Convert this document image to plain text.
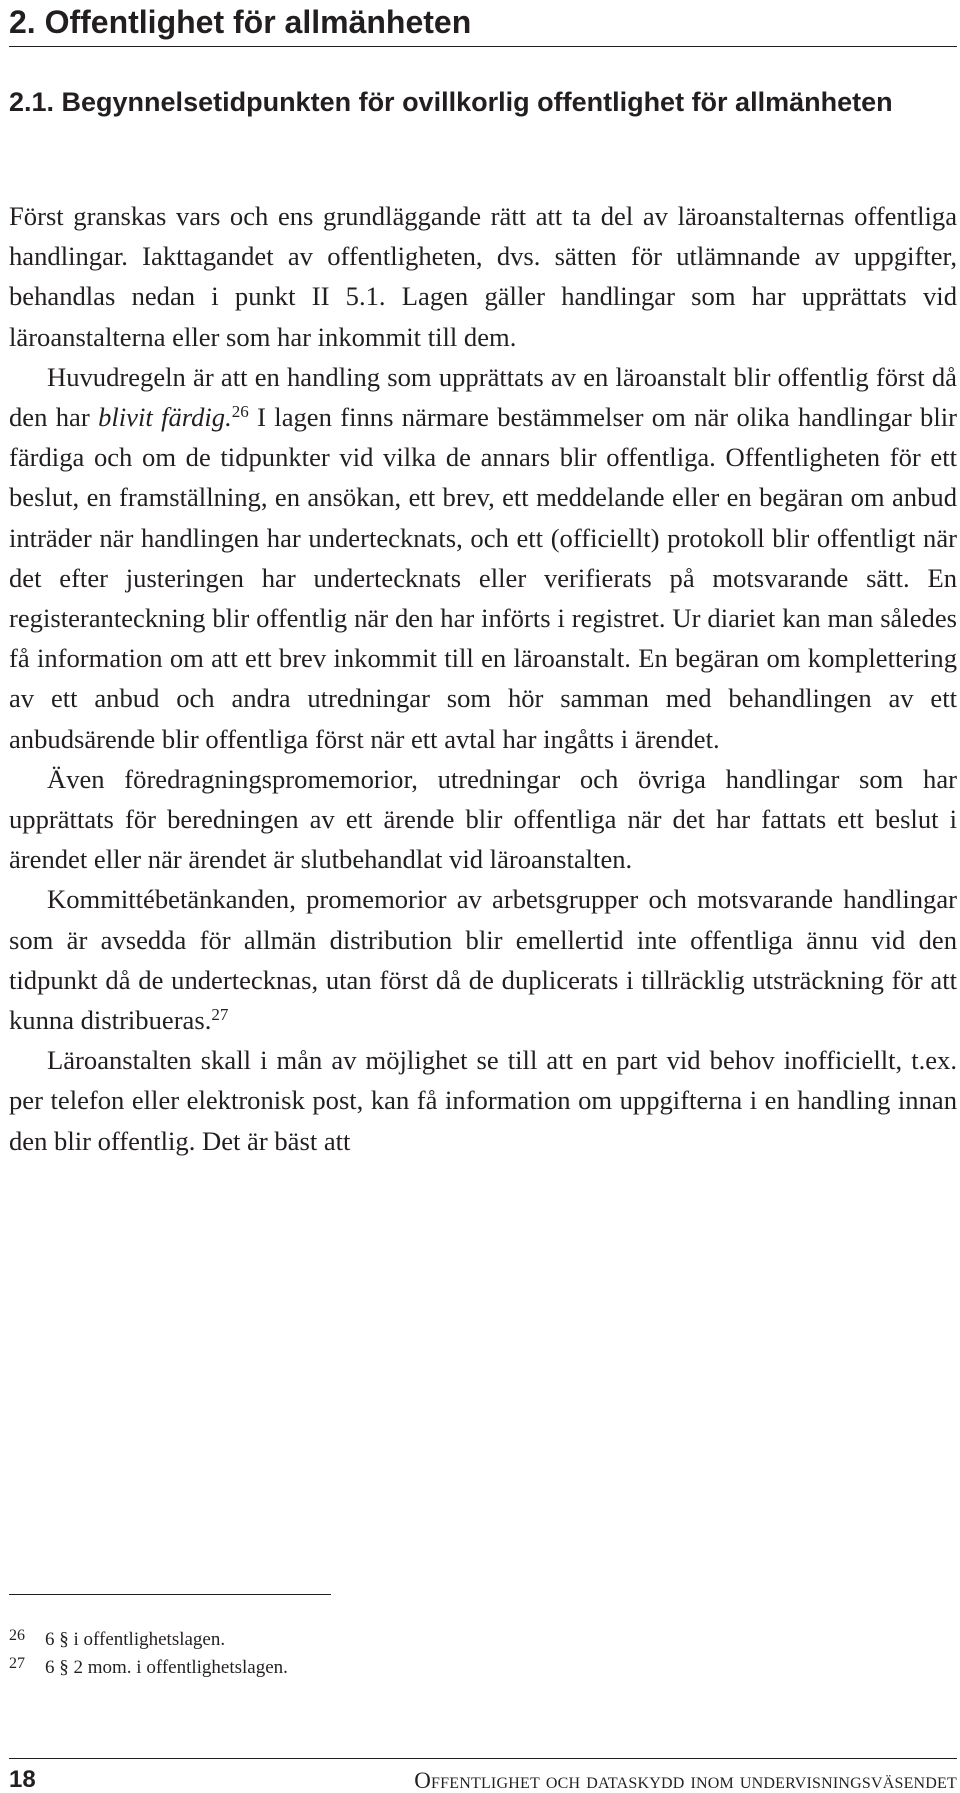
2. Offentlighet för allmänheten
2.1. Begynnelsetidpunkten för ovillkorlig offentlighet för allmänheten

Först granskas vars och ens grundläggande rätt att ta del av läroanstalternas offentliga handlingar. Iakttagandet av offentligheten, dvs. sätten för utlämnande av uppgifter, behandlas nedan i punkt II 5.1. Lagen gäller handlingar som har upprättats vid läroanstalterna eller som har inkommit till dem.

Huvudregeln är att en handling som upprättats av en läroanstalt blir offentlig först då den har blivit färdig.$^{26}$ I lagen finns närmare bestämmelser om när olika handlingar blir färdiga och om de tidpunkter vid vilka de annars blir offentliga. Offentligheten för ett beslut, en framställning, en ansökan, ett brev, ett meddelande eller en begäran om anbud inträder när handlingen har undertecknats, och ett (officiellt) protokoll blir offentligt när det efter justeringen har undertecknats eller verifierats på motsvarande sätt. En registeranteckning blir offentlig när den har införts i registret. Ur diariet kan man således få information om att ett brev inkommit till en läroanstalt. En begäran om komplettering av ett anbud och andra utredningar som hör samman med behandlingen av ett anbudsärende blir offentliga först när ett avtal har ingåtts i ärendet.

Även föredragningspromemorior, utredningar och övriga handlingar som har upprättats för beredningen av ett ärende blir offentliga när det har fattats ett beslut i ärendet eller när ärendet är slutbehandlat vid läroanstalten.

Kommittébetänkanden, promemorior av arbetsgrupper och motsvarande handlingar som är avsedda för allmän distribution blir emellertid inte offentliga ännu vid den tidpunkt då de undertecknas, utan först då de duplicerats i tillräcklig utsträckning för att kunna distribueras.$^{27}$

Läroanstalten skall i mån av möjlighet se till att en part vid behov inofficiellt, t.ex. per telefon eller elektronisk post, kan få information om uppgifterna i en handling innan den blir offentlig. Det är bäst att

26	6 § i offentlighetslagen.
27	6 § 2 mom. i offentlighetslagen.
18	Offentlighet och dataskydd inom undervisningsväsendet
